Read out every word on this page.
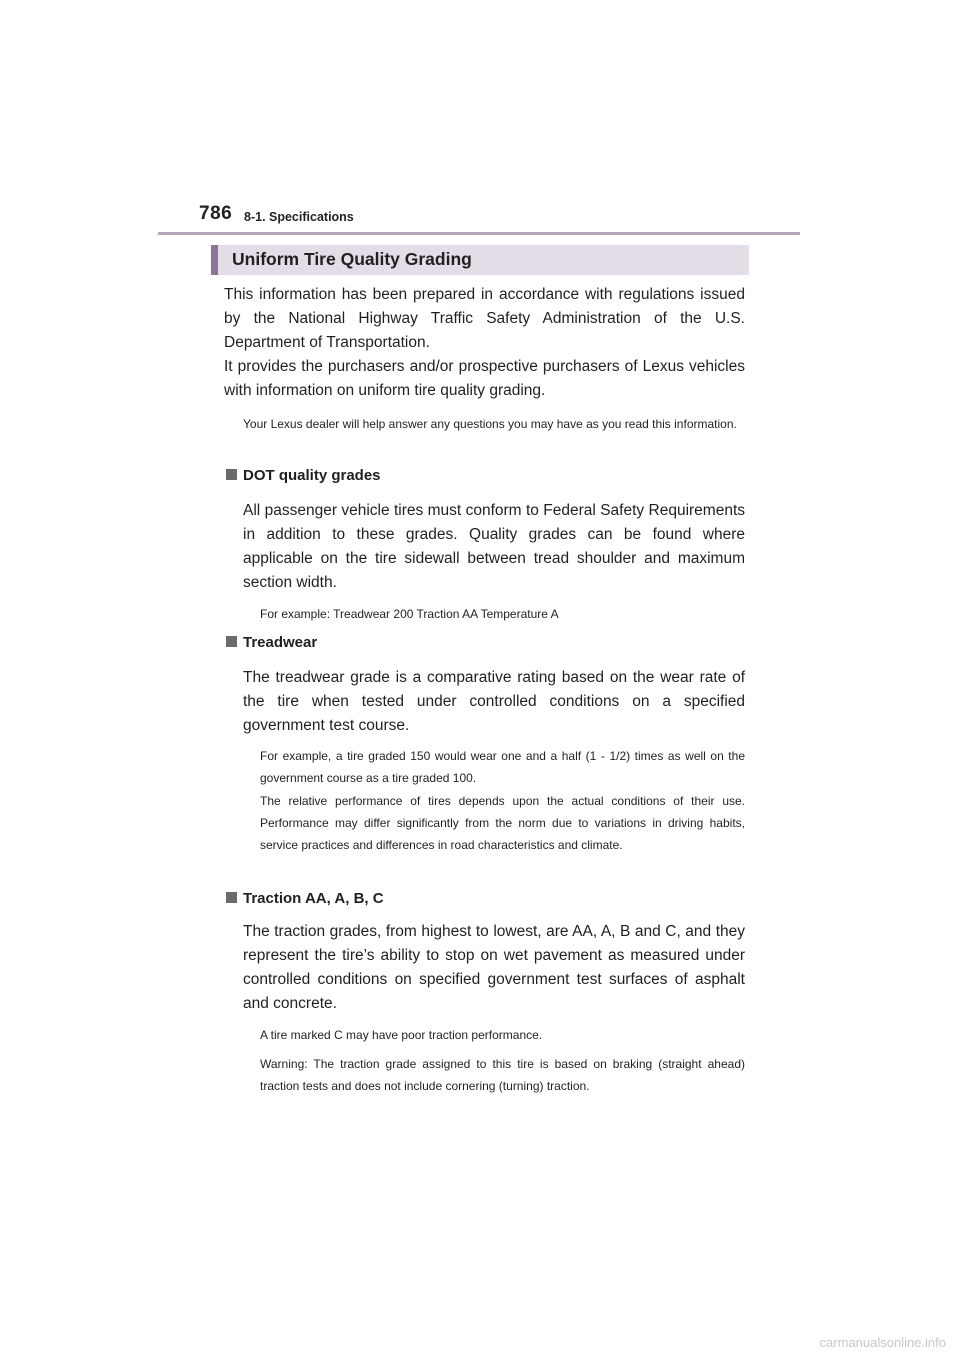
786 8-1. Specifications
Uniform Tire Quality Grading
This information has been prepared in accordance with regulations issued by the National Highway Traffic Safety Administration of the U.S. Department of Transportation.
It provides the purchasers and/or prospective purchasers of Lexus vehicles with information on uniform tire quality grading.
Your Lexus dealer will help answer any questions you may have as you read this information.
DOT quality grades
All passenger vehicle tires must conform to Federal Safety Requirements in addition to these grades. Quality grades can be found where applicable on the tire sidewall between tread shoulder and maximum section width.
For example: Treadwear 200 Traction AA Temperature A
Treadwear
The treadwear grade is a comparative rating based on the wear rate of the tire when tested under controlled conditions on a specified government test course.
For example, a tire graded 150 would wear one and a half (1 - 1/2) times as well on the government course as a tire graded 100.
The relative performance of tires depends upon the actual conditions of their use. Performance may differ significantly from the norm due to variations in driving habits, service practices and differences in road characteristics and climate.
Traction AA, A, B, C
The traction grades, from highest to lowest, are AA, A, B and C, and they represent the tire’s ability to stop on wet pavement as measured under controlled conditions on specified government test surfaces of asphalt and concrete.
A tire marked C may have poor traction performance.
Warning: The traction grade assigned to this tire is based on braking (straight ahead) traction tests and does not include cornering (turning) traction.
carmanualsonline.info
